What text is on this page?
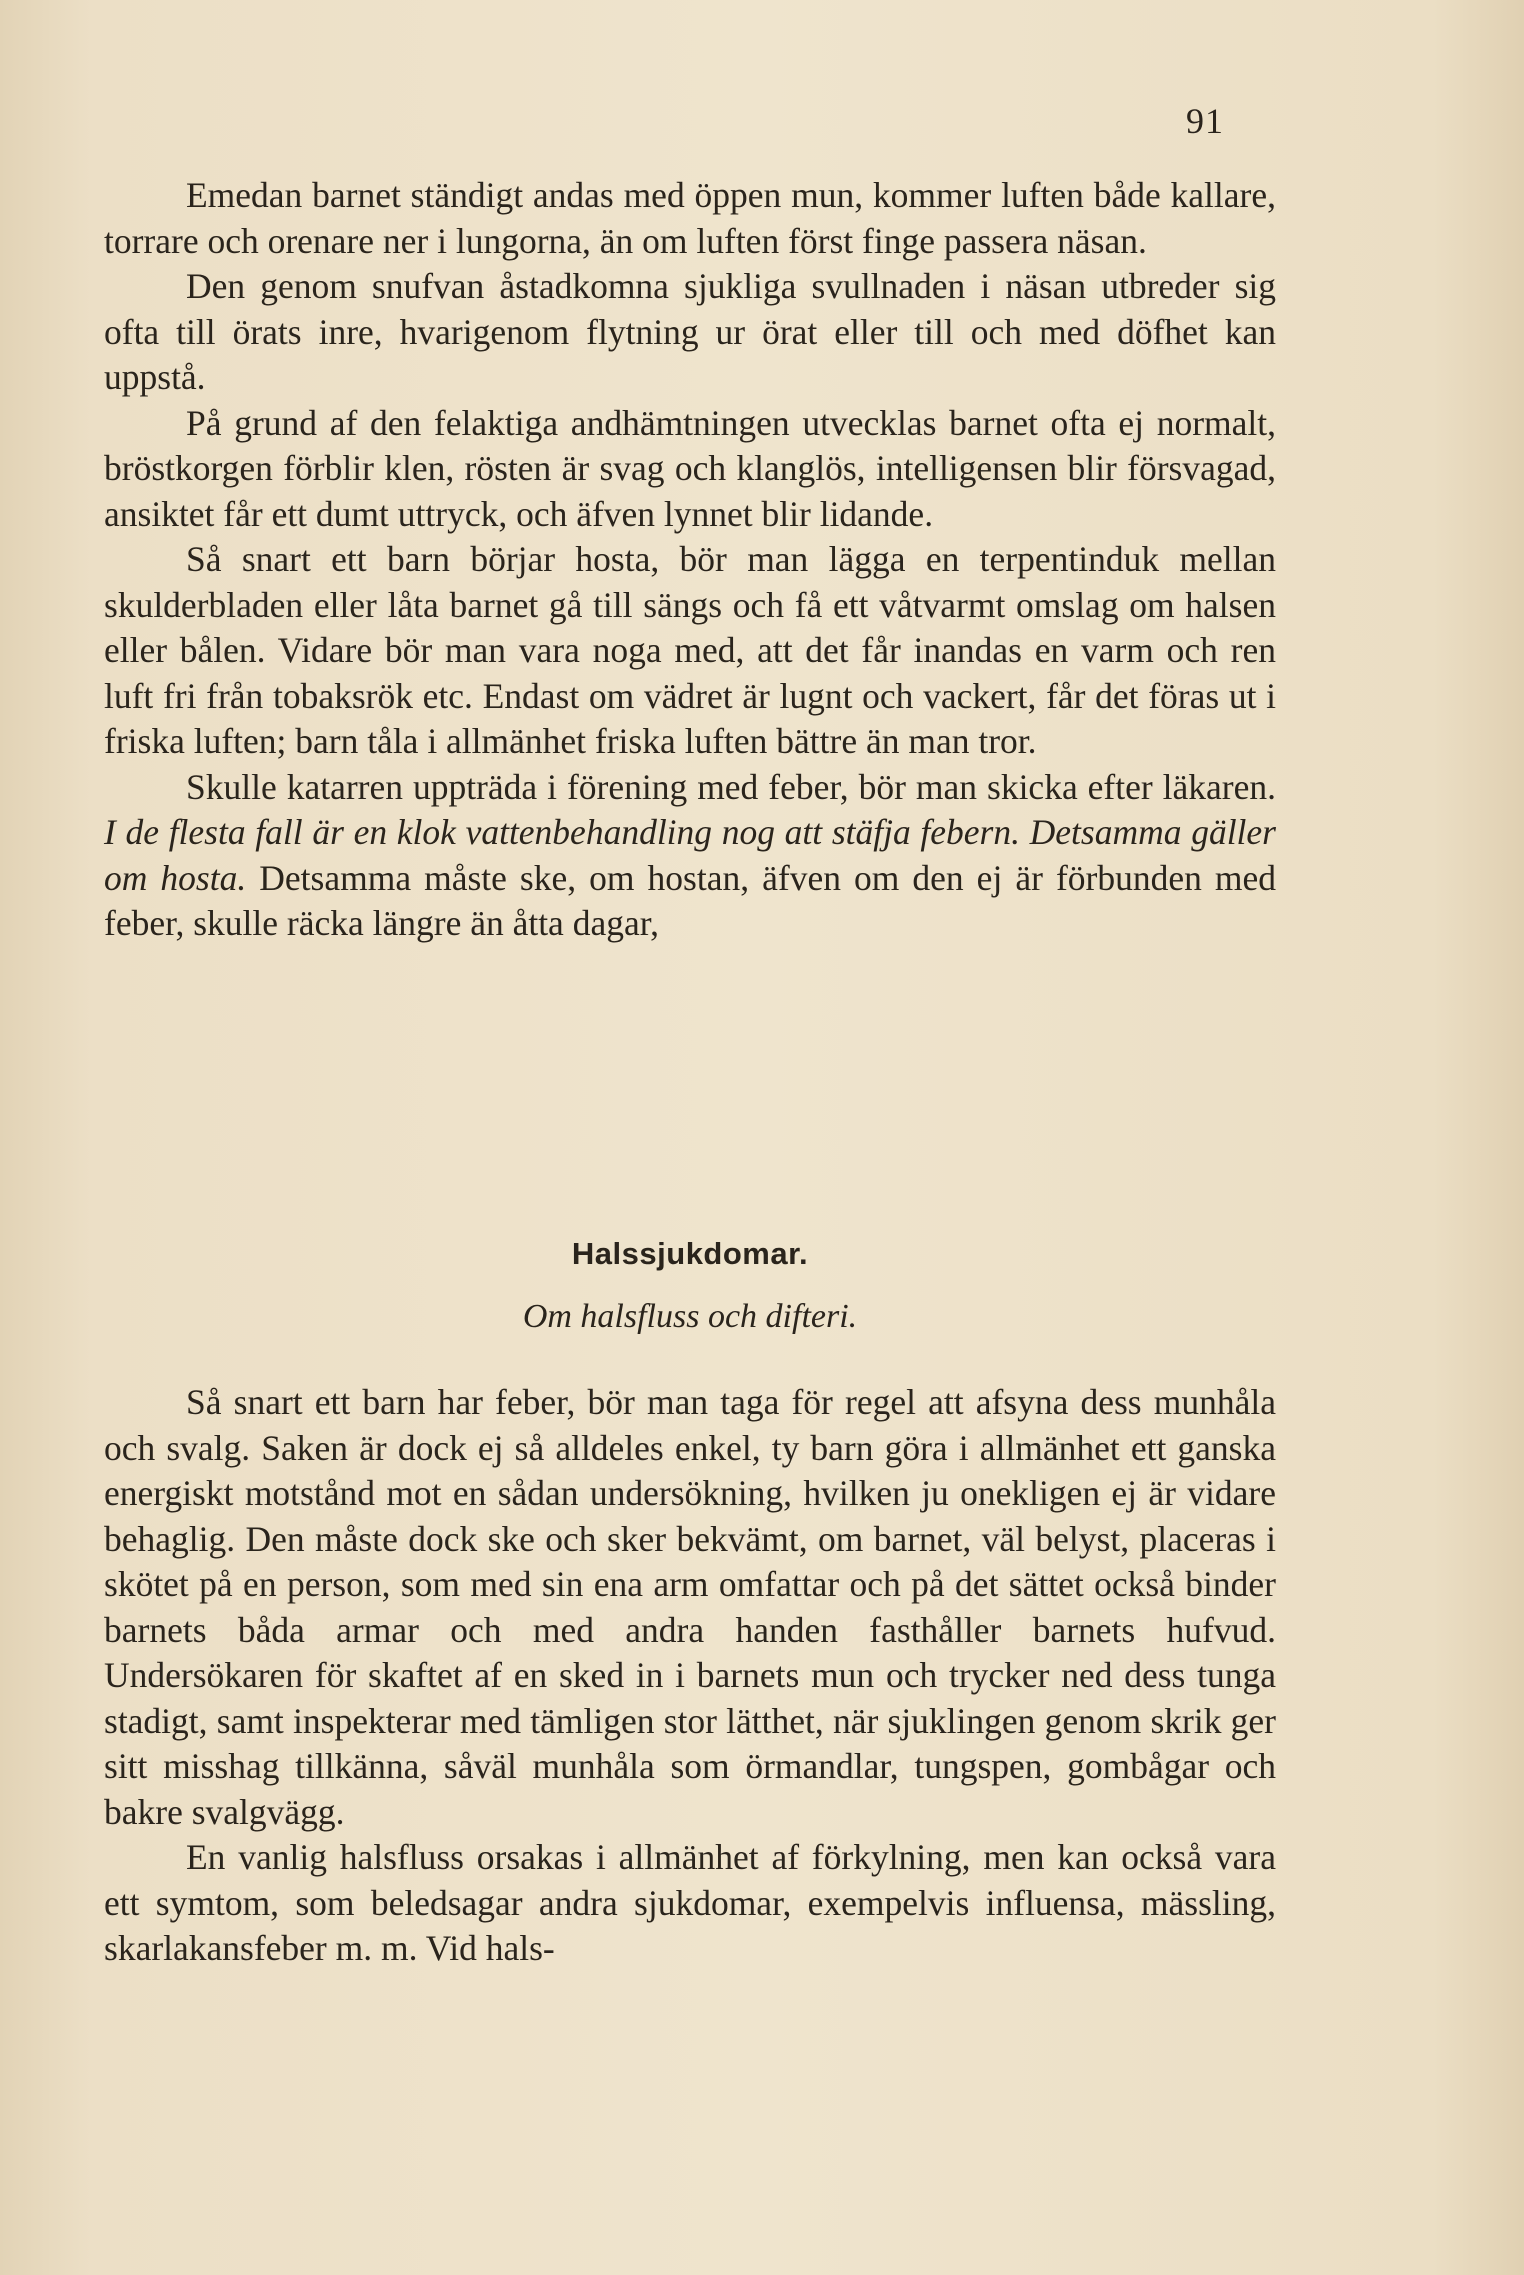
91

Emedan barnet ständigt andas med öppen mun, kommer luften både kallare, torrare och orenare ner i lungorna, än om luften först finge passera näsan.

Den genom snufvan åstadkomna sjukliga svullnaden i näsan utbreder sig ofta till örats inre, hvarigenom flytning ur örat eller till och med döfhet kan uppstå.

På grund af den felaktiga andhämtningen utvecklas barnet ofta ej normalt, bröstkorgen förblir klen, rösten är svag och klanglös, intelligensen blir försvagad, ansiktet får ett dumt uttryck, och äfven lynnet blir lidande.

Så snart ett barn börjar hosta, bör man lägga en terpentinduk mellan skulderbladen eller låta barnet gå till sängs och få ett våtvarmt omslag om halsen eller bålen. Vidare bör man vara noga med, att det får inandas en varm och ren luft fri från tobaksrök etc. Endast om vädret är lugnt och vackert, får det föras ut i friska luften; barn tåla i allmänhet friska luften bättre än man tror.

Skulle katarren uppträda i förening med feber, bör man skicka efter läkaren. I de flesta fall är en klok vattenbehandling nog att stäfja febern. Detsamma gäller om hosta. Detsamma måste ske, om hostan, äfven om den ej är förbunden med feber, skulle räcka längre än åtta dagar,

Halssjukdomar.
Om halsfluss och difteri.

Så snart ett barn har feber, bör man taga för regel att afsyna dess munhåla och svalg. Saken är dock ej så alldeles enkel, ty barn göra i allmänhet ett ganska energiskt motstånd mot en sådan undersökning, hvilken ju onekligen ej är vidare behaglig. Den måste dock ske och sker bekvämt, om barnet, väl belyst, placeras i skötet på en person, som med sin ena arm omfattar och på det sättet också binder barnets båda armar och med andra handen fasthåller barnets hufvud. Undersökaren för skaftet af en sked in i barnets mun och trycker ned dess tunga stadigt, samt inspekterar med tämligen stor lätthet, när sjuklingen genom skrik ger sitt misshag tillkänna, såväl munhåla som örmandlar, tungspen, gombågar och bakre svalgvägg.

En vanlig halsfluss orsakas i allmänhet af förkylning, men kan också vara ett symtom, som beledsagar andra sjukdomar, exempelvis influensa, mässling, skarlakansfeber m. m. Vid hals-
